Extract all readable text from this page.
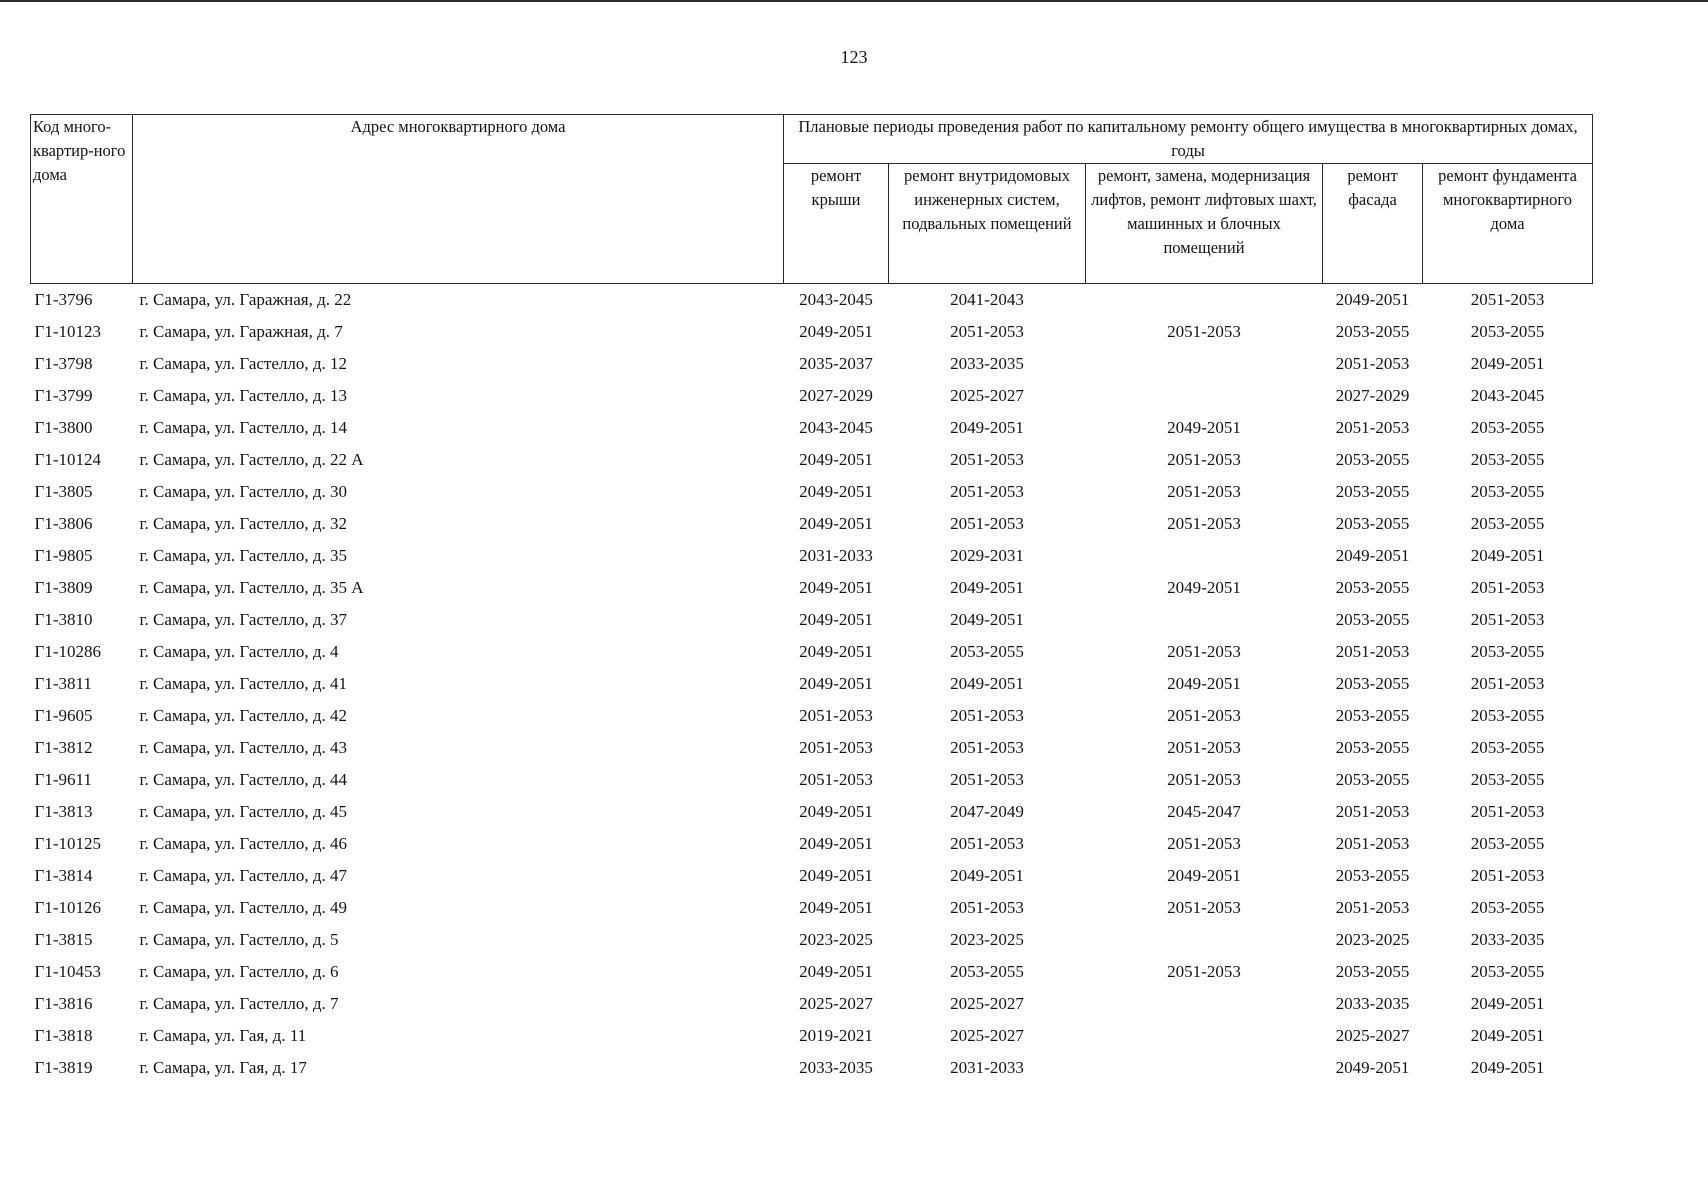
123
Код много-квартир-ного дома	Адрес многоквартирного дома	Плановые периоды проведения работ по капитальному ремонту общего имущества в многоквартирных домах, годы				
		ремонт крыши	ремонт внутридомовых инженерных систем, подвальных помещений	ремонт, замена, модернизация лифтов, ремонт лифтовых шахт, машинных и блочных помещений	ремонт фасада	ремонт фундамента многоквартирного дома
Г1-3796	г. Самара, ул. Гаражная, д. 22	2043-2045	2041-2043		2049-2051	2051-2053
Г1-10123	г. Самара, ул. Гаражная, д. 7	2049-2051	2051-2053	2051-2053	2053-2055	2053-2055
Г1-3798	г. Самара, ул. Гастелло, д. 12	2035-2037	2033-2035		2051-2053	2049-2051
Г1-3799	г. Самара, ул. Гастелло, д. 13	2027-2029	2025-2027		2027-2029	2043-2045
Г1-3800	г. Самара, ул. Гастелло, д. 14	2043-2045	2049-2051	2049-2051	2051-2053	2053-2055
Г1-10124	г. Самара, ул. Гастелло, д. 22 А	2049-2051	2051-2053	2051-2053	2053-2055	2053-2055
Г1-3805	г. Самара, ул. Гастелло, д. 30	2049-2051	2051-2053	2051-2053	2053-2055	2053-2055
Г1-3806	г. Самара, ул. Гастелло, д. 32	2049-2051	2051-2053	2051-2053	2053-2055	2053-2055
Г1-9805	г. Самара, ул. Гастелло, д. 35	2031-2033	2029-2031		2049-2051	2049-2051
Г1-3809	г. Самара, ул. Гастелло, д. 35 А	2049-2051	2049-2051	2049-2051	2053-2055	2051-2053
Г1-3810	г. Самара, ул. Гастелло, д. 37	2049-2051	2049-2051		2053-2055	2051-2053
Г1-10286	г. Самара, ул. Гастелло, д. 4	2049-2051	2053-2055	2051-2053	2051-2053	2053-2055
Г1-3811	г. Самара, ул. Гастелло, д. 41	2049-2051	2049-2051	2049-2051	2053-2055	2051-2053
Г1-9605	г. Самара, ул. Гастелло, д. 42	2051-2053	2051-2053	2051-2053	2053-2055	2053-2055
Г1-3812	г. Самара, ул. Гастелло, д. 43	2051-2053	2051-2053	2051-2053	2053-2055	2053-2055
Г1-9611	г. Самара, ул. Гастелло, д. 44	2051-2053	2051-2053	2051-2053	2053-2055	2053-2055
Г1-3813	г. Самара, ул. Гастелло, д. 45	2049-2051	2047-2049	2045-2047	2051-2053	2051-2053
Г1-10125	г. Самара, ул. Гастелло, д. 46	2049-2051	2051-2053	2051-2053	2051-2053	2053-2055
Г1-3814	г. Самара, ул. Гастелло, д. 47	2049-2051	2049-2051	2049-2051	2053-2055	2051-2053
Г1-10126	г. Самара, ул. Гастелло, д. 49	2049-2051	2051-2053	2051-2053	2051-2053	2053-2055
Г1-3815	г. Самара, ул. Гастелло, д. 5	2023-2025	2023-2025		2023-2025	2033-2035
Г1-10453	г. Самара, ул. Гастелло, д. 6	2049-2051	2053-2055	2051-2053	2053-2055	2053-2055
Г1-3816	г. Самара, ул. Гастелло, д. 7	2025-2027	2025-2027		2033-2035	2049-2051
Г1-3818	г. Самара, ул. Гая, д. 11	2019-2021	2025-2027		2025-2027	2049-2051
Г1-3819	г. Самара, ул. Гая, д. 17	2033-2035	2031-2033		2049-2051	2049-2051
